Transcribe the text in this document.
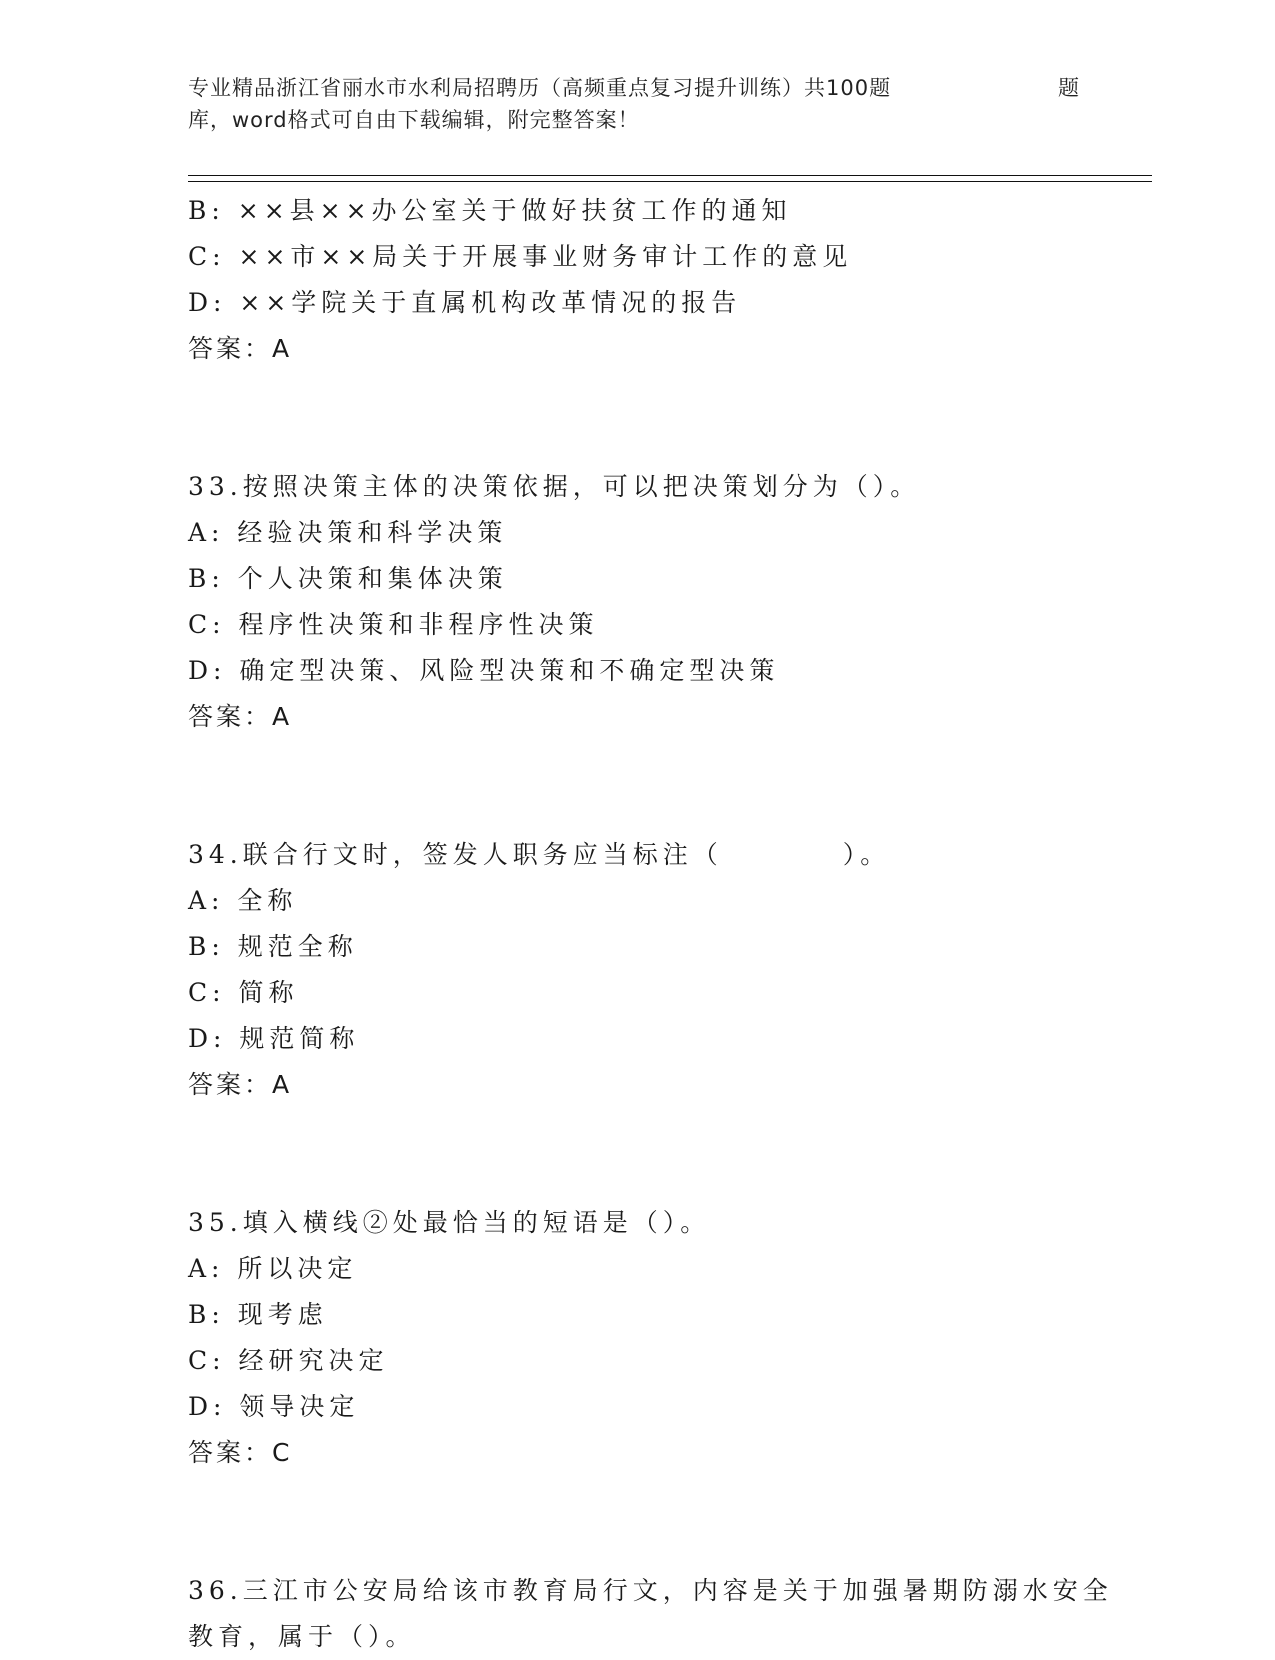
专业精品浙江省丽水市水利局招聘历（高频重点复习提升训练）共100题	题
库，word格式可自由下载编辑，附完整答案！
B: ××县××办公室关于做好扶贫工作的通知
C: ××市××局关于开展事业财务审计工作的意见
D: ××学院关于直属机构改革情况的报告
答案：A
33.按照决策主体的决策依据，可以把决策划分为（）。
A: 经验决策和科学决策
B: 个人决策和集体决策
C: 程序性决策和非程序性决策
D: 确定型决策、风险型决策和不确定型决策
答案：A
34.联合行文时，签发人职务应当标注（	）。
A: 全称
B: 规范全称
C: 简称
D: 规范简称
答案：A
35.填入横线②处最恰当的短语是（）。
A: 所以决定
B: 现考虑
C: 经研究决定
D: 领导决定
答案：C
36.三江市公安局给该市教育局行文，内容是关于加强暑期防溺水安全
教育，属于（）。
